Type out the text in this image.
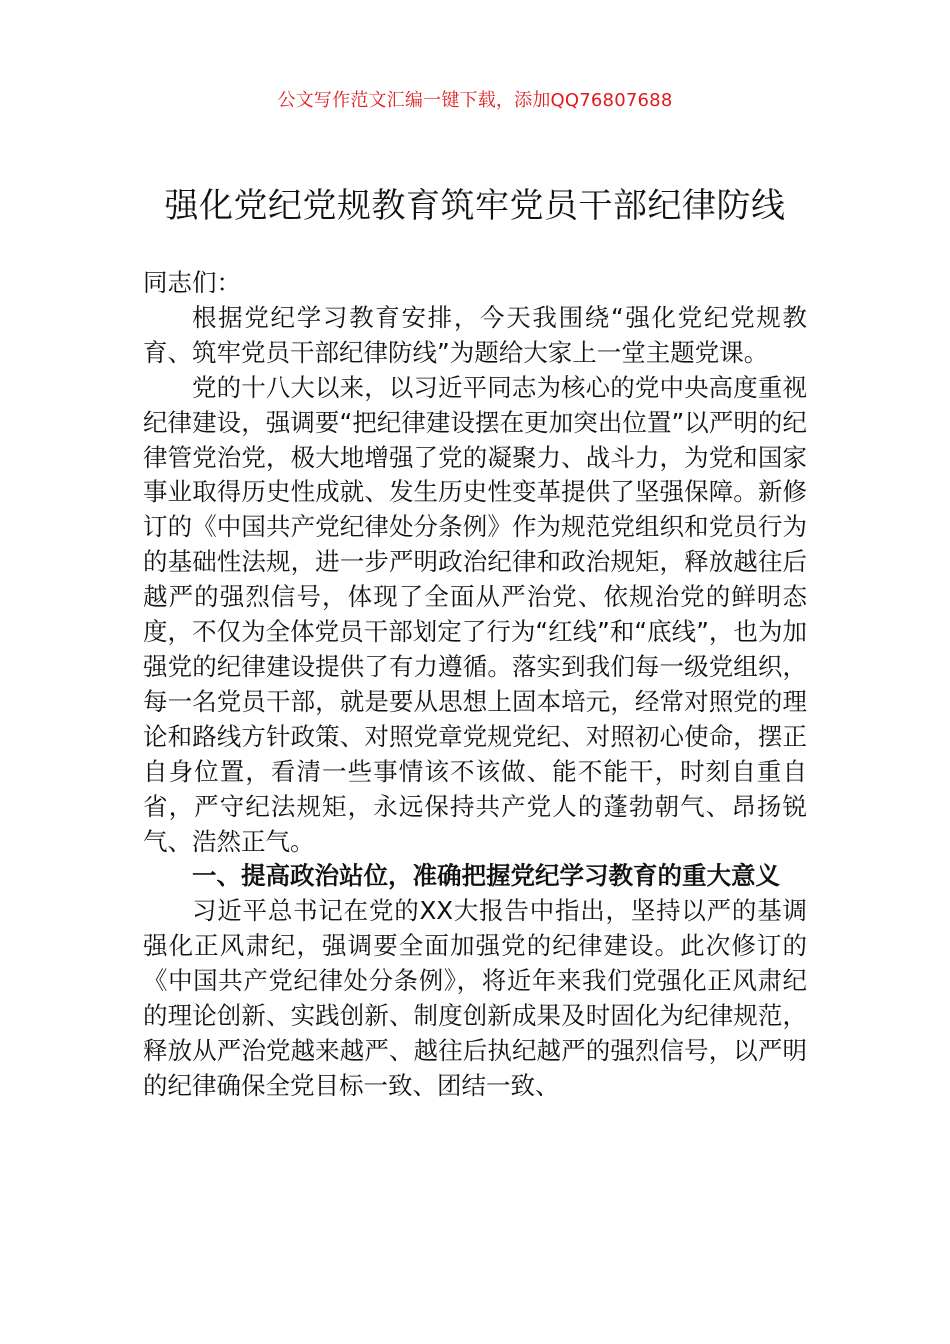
公文写作范文汇编一键下载，添加QQ76807688
强化党纪党规教育筑牢党员干部纪律防线

同志们：

根据党纪学习教育安排，今天我围绕“强化党纪党规教育、筑牢党员干部纪律防线”为题给大家上一堂主题党课。

党的十八大以来，以习近平同志为核心的党中央高度重视纪律建设，强调要“把纪律建设摆在更加突出位置”以严明的纪律管党治党，极大地增强了党的凝聚力、战斗力，为党和国家事业取得历史性成就、发生历史性变革提供了坚强保障。新修订的《中国共产党纪律处分条例》作为规范党组织和党员行为的基础性法规，进一步严明政治纪律和政治规矩，释放越往后越严的强烈信号，体现了全面从严治党、依规治党的鲜明态度，不仅为全体党员干部划定了行为“红线”和“底线”，也为加强党的纪律建设提供了有力遵循。落实到我们每一级党组织，每一名党员干部，就是要从思想上固本培元，经常对照党的理论和路线方针政策、对照党章党规党纪、对照初心使命，摆正自身位置，看清一些事情该不该做、能不能干，时刻自重自省，严守纪法规矩，永远保持共产党人的蓬勃朝气、昂扬锐气、浩然正气。

一、提高政治站位，准确把握党纪学习教育的重大意义

习近平总书记在党的XX大报告中指出，坚持以严的基调强化正风肃纪，强调要全面加强党的纪律建设。此次修订的《中国共产党纪律处分条例》，将近年来我们党强化正风肃纪的理论创新、实践创新、制度创新成果及时固化为纪律规范，释放从严治党越来越严、越往后执纪越严的强烈信号，以严明的纪律确保全党目标一致、团结一致、
